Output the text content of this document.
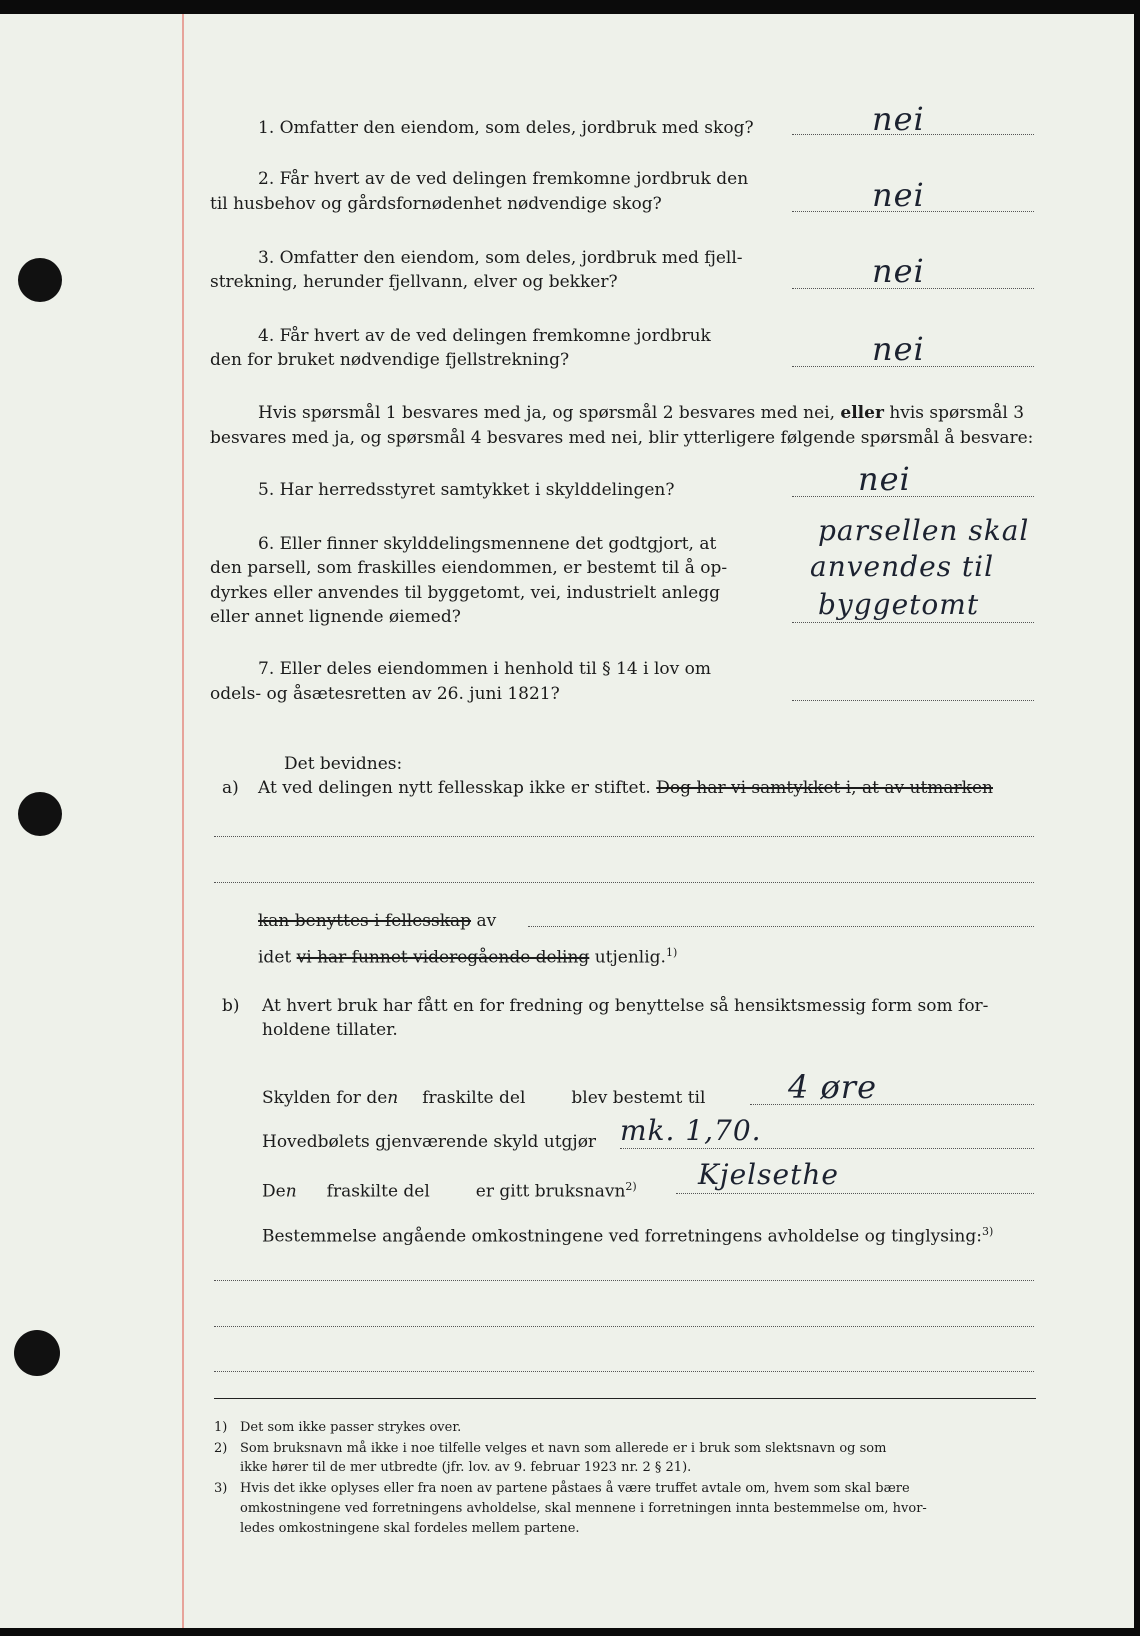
1. Omfatter den eiendom, som deles, jordbruk med skog?	nei
2. Får hvert av de ved delingen fremkomne jordbruk den
til husbehov og gårdsfornødenhet nødvendige skog?	nei
3. Omfatter den eiendom, som deles, jordbruk med fjell-
strekning, herunder fjellvann, elver og bekker?	nei
4. Får hvert av de ved delingen fremkomne jordbruk
den for bruket nødvendige fjellstrekning?	nei
Hvis spørsmål 1 besvares med ja, og spørsmål 2 besvares med nei, eller hvis spørsmål 3
besvares med ja, og spørsmål 4 besvares med nei, blir ytterligere følgende spørsmål å besvare:
5. Har herredsstyret samtykket i skylddelingen?	nei
6. Eller finner skylddelingsmennene det godtgjort, at
den parsell, som fraskilles eiendommen, er bestemt til å op-
dyrkes eller anvendes til byggetomt, vei, industrielt anlegg
eller annet lignende øiemed?
parsellen skal
anvendes til
byggetomt
7. Eller deles eiendommen i henhold til § 14 i lov om
odels- og åsætesretten av 26. juni 1821?
Det bevidnes:
a) At ved delingen nytt fellesskap ikke er stiftet. Dog har vi samtykket i, at av utmarken
kan benyttes i fellesskap av
idet vi har funnet videregående deling utjenlig.$^{1)}$
b) At hvert bruk har fått en for fredning og benyttelse så hensiktsmessig form som for-
holdene tillater.
Skylden for den fraskilte del	blev bestemt til	4 øre
Hovedbølets gjenværende skyld utgjør mk. 1,70.
Den fraskilte del	er gitt bruksnavn$^{2)}$ Kjelsethe
Bestemmelse angående omkostningene ved forretningens avholdelse og tinglysing:$^{3)}$
1) Det som ikke passer strykes over.
2) Som bruksnavn må ikke i noe tilfelle velges et navn som allerede er i bruk som slektsnavn og som
ikke hører til de mer utbredte (jfr. lov. av 9. februar 1923 nr. 2 § 21).
3) Hvis det ikke oplyses eller fra noen av partene påstaes å være truffet avtale om, hvem som skal bære
omkostningene ved forretningens avholdelse, skal mennene i forretningen innta bestemmelse om, hvor-
ledes omkostningene skal fordeles mellem partene.
